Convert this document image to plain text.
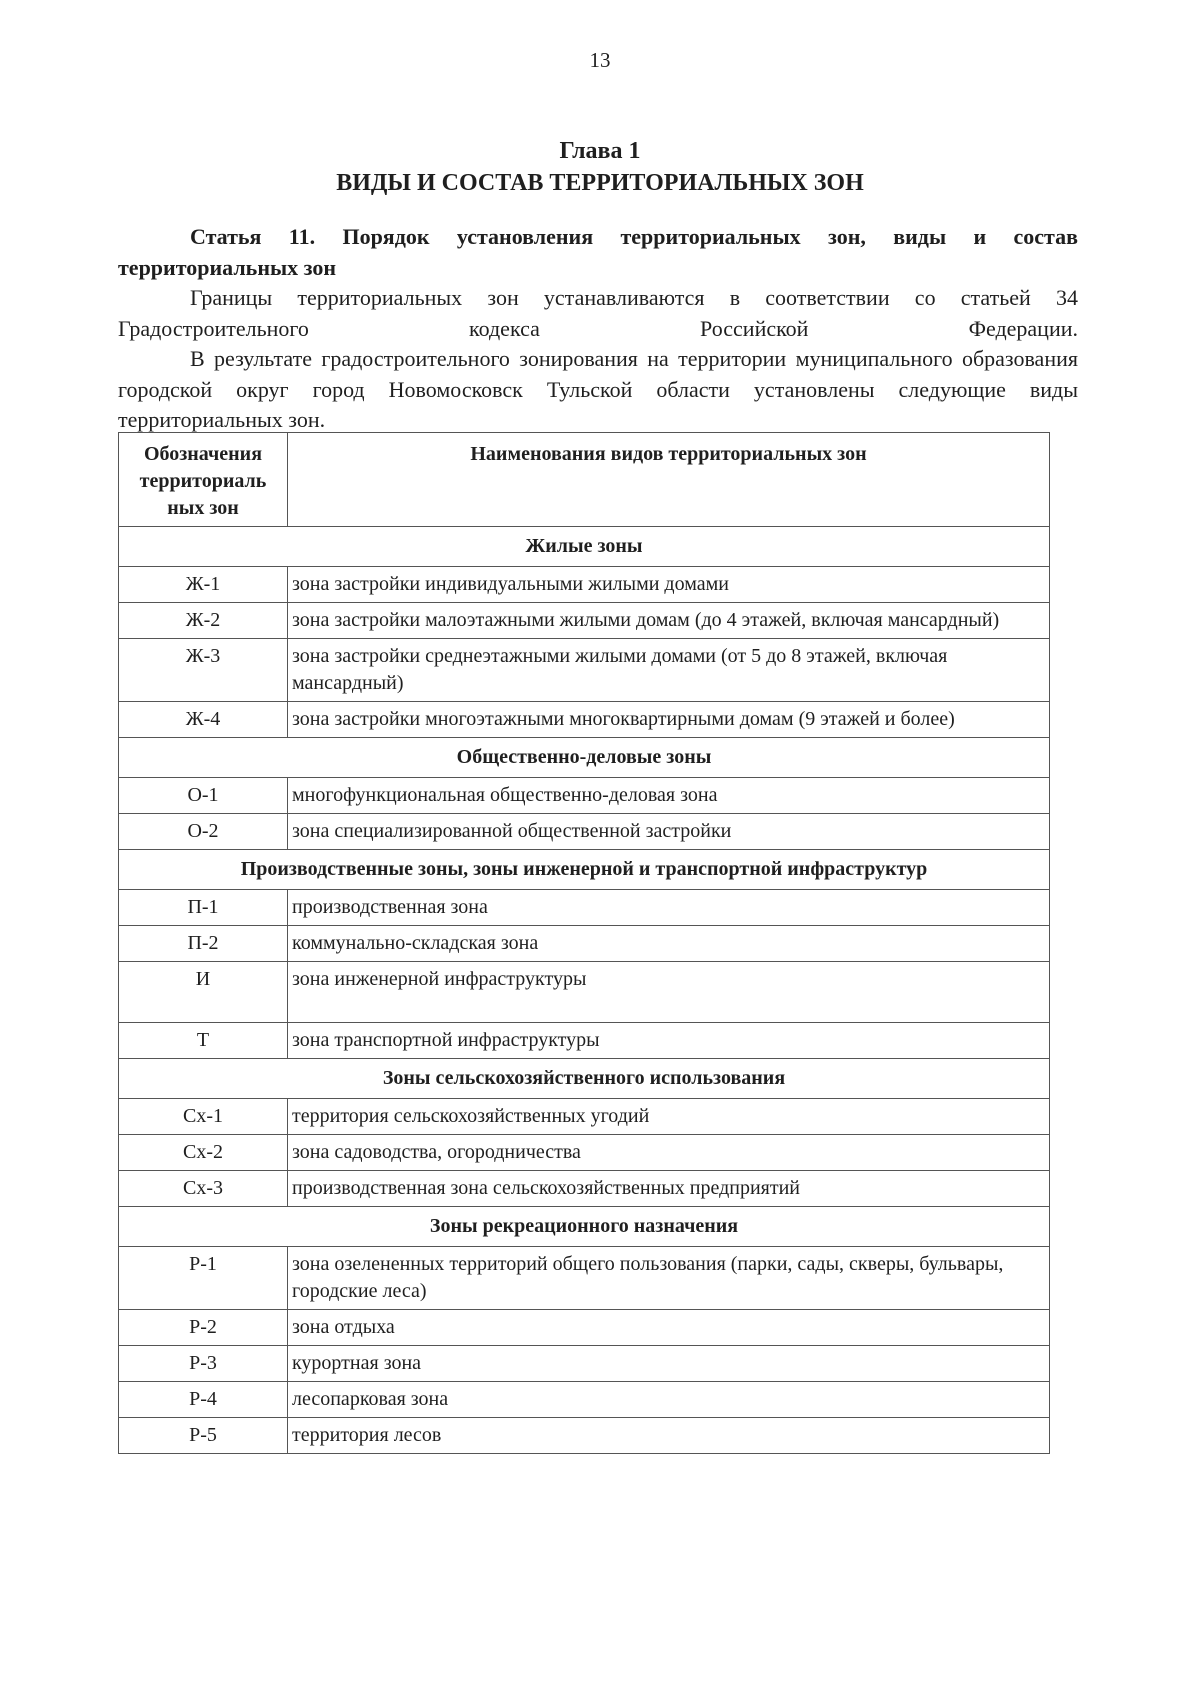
13
Глава 1
ВИДЫ И СОСТАВ ТЕРРИТОРИАЛЬНЫХ ЗОН

Статья 11. Порядок установления территориальных зон, виды и состав территориальных зон

Границы территориальных зон устанавливаются в соответствии со статьей 34 Градостроительного кодекса Российской Федерации.

В результате градостроительного зонирования на территории муниципального образования городской округ город Новомосковск Тульской области установлены следующие виды территориальных зон.

Обозначения территориаль ных зон	Наименования видов территориальных зон
Жилые зоны	
Ж-1	зона застройки индивидуальными жилыми домами
Ж-2	зона застройки малоэтажными жилыми домам (до 4 этажей, включая мансардный)
Ж-3	зона застройки среднеэтажными жилыми домами (от 5 до 8 этажей, включая мансардный)
Ж-4	зона застройки многоэтажными многоквартирными домам (9 этажей и более)
Общественно-деловые зоны	
О-1	многофункциональная общественно-деловая зона
О-2	зона специализированной общественной застройки
Производственные зоны, зоны инженерной и транспортной инфраструктур	
П-1	производственная зона
П-2	коммунально-складская зона
И	зона инженерной инфраструктуры
Т	зона транспортной инфраструктуры
Зоны сельскохозяйственного использования	
Сх-1	территория сельскохозяйственных угодий
Сх-2	зона садоводства, огородничества
Сх-3	производственная зона сельскохозяйственных предприятий
Зоны рекреационного назначения	
Р-1	зона озелененных территорий общего пользования (парки, сады, скверы, бульвары, городские леса)
Р-2	зона отдыха
Р-3	курортная зона
Р-4	лесопарковая зона
Р-5	территория лесов
